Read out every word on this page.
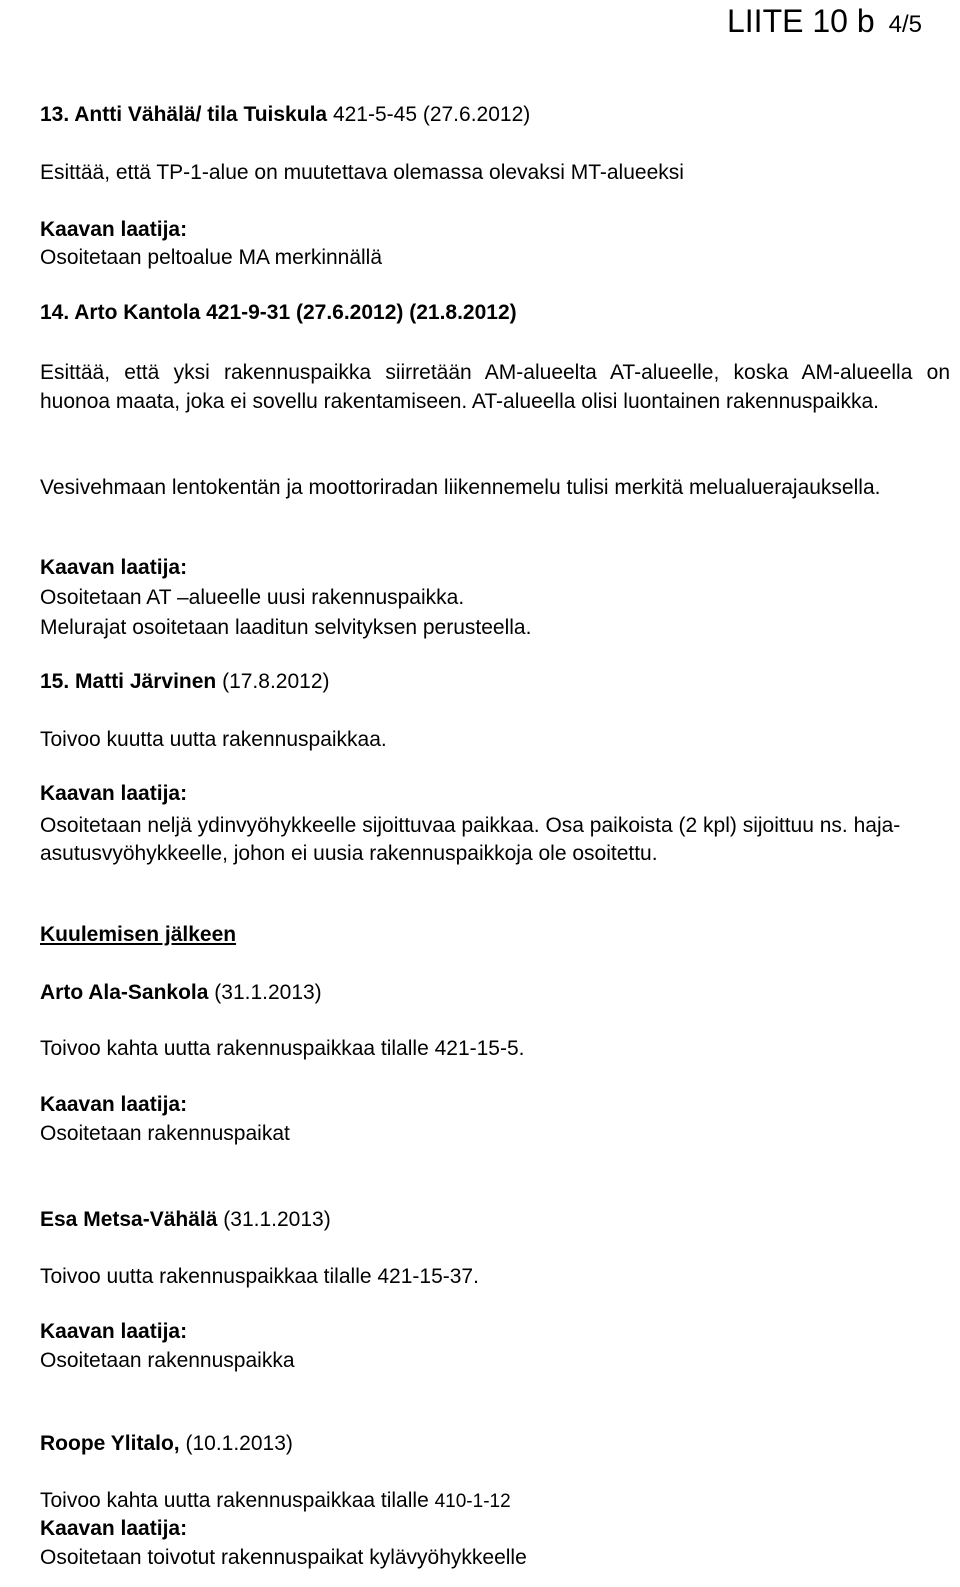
LIITE 10 b 4/5
13. Antti Vähälä/ tila Tuiskula 421-5-45 (27.6.2012)
Esittää, että TP-1-alue on muutettava olemassa olevaksi MT-alueeksi
Kaavan laatija:
Osoitetaan peltoalue MA merkinnällä
14. Arto Kantola 421-9-31 (27.6.2012) (21.8.2012)
Esittää, että yksi rakennuspaikka siirretään AM-alueelta AT-alueelle, koska AM-alueella on huonoa maata, joka ei sovellu rakentamiseen. AT-alueella olisi luontainen rakennuspaikka.
Vesivehmaan lentokentän ja moottoriradan liikennemelu tulisi merkitä melualuerajauksella.
Kaavan laatija:
Osoitetaan AT –alueelle uusi rakennuspaikka.
Melurajat osoitetaan laaditun selvityksen perusteella.
15. Matti Järvinen (17.8.2012)
Toivoo kuutta uutta rakennuspaikkaa.
Kaavan laatija:
Osoitetaan neljä ydinvyöhykkeelle sijoittuvaa paikkaa. Osa paikoista (2 kpl) sijoittuu ns. haja-asutusvyöhykkeelle, johon ei uusia rakennuspaikkoja ole osoitettu.
Kuulemisen jälkeen
Arto Ala-Sankola (31.1.2013)
Toivoo kahta uutta rakennuspaikkaa tilalle 421-15-5.
Kaavan laatija:
Osoitetaan rakennuspaikat
Esa Metsa-Vähälä (31.1.2013)
Toivoo uutta rakennuspaikkaa tilalle 421-15-37.
Kaavan laatija:
Osoitetaan rakennuspaikka
Roope Ylitalo, (10.1.2013)
Toivoo kahta uutta rakennuspaikkaa tilalle 410-1-12
Kaavan laatija:
Osoitetaan toivotut rakennuspaikat kylävyöhykkeelle
